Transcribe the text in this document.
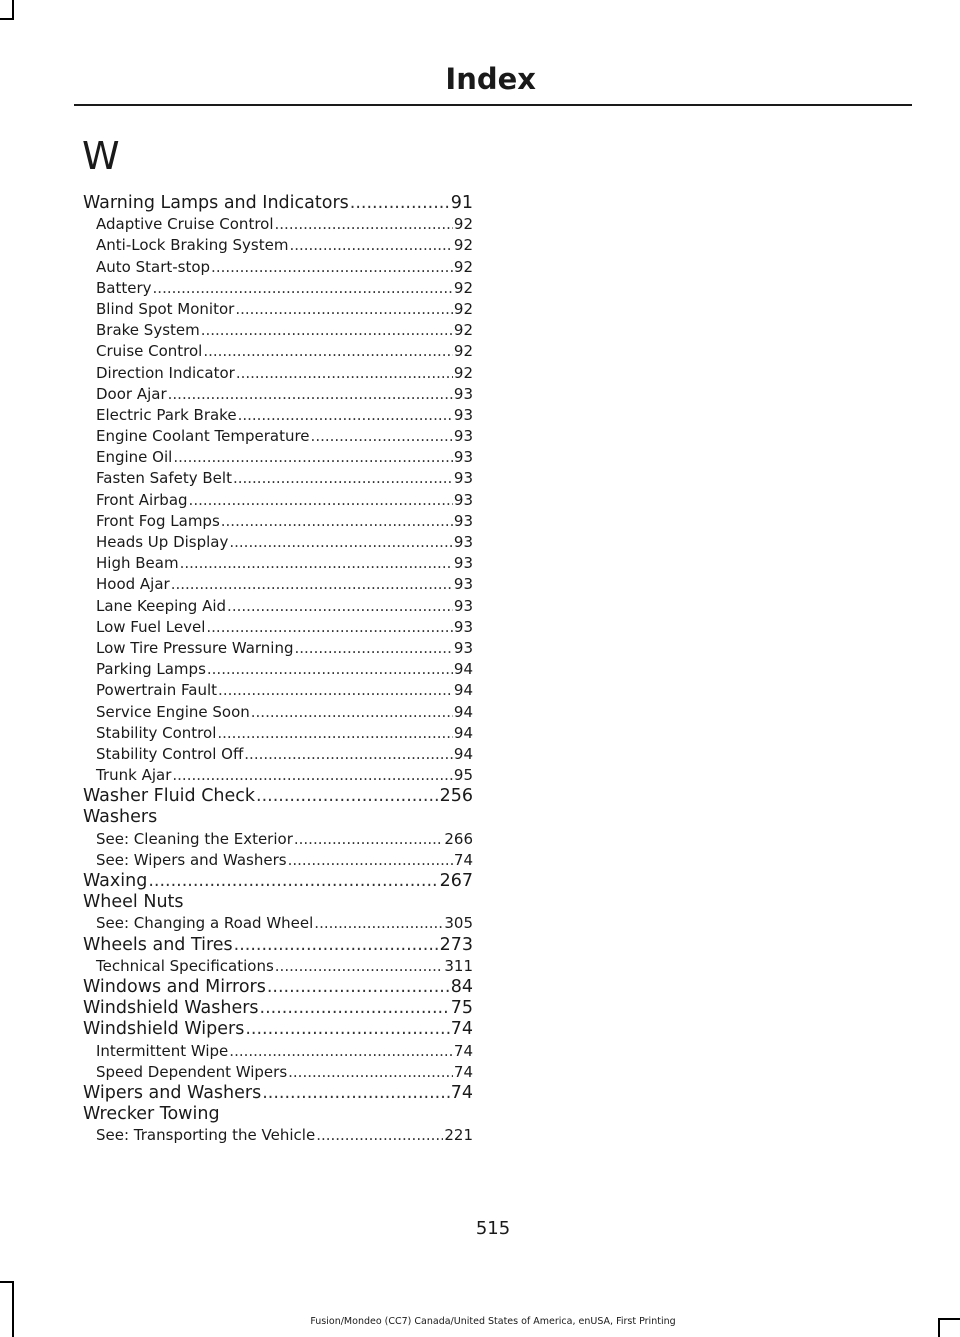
Index
W
Warning Lamps and Indicators .....	91
Adaptive Cruise Control .....	92
Anti-Lock Braking System .....	92
Auto Start-stop .....	92
Battery .....	92
Blind Spot Monitor .....	92
Brake System .....	92
Cruise Control .....	92
Direction Indicator .....	92
Door Ajar .....	93
Electric Park Brake .....	93
Engine Coolant Temperature .....	93
Engine Oil .....	93
Fasten Safety Belt .....	93
Front Airbag .....	93
Front Fog Lamps .....	93
Heads Up Display .....	93
High Beam .....	93
Hood Ajar .....	93
Lane Keeping Aid .....	93
Low Fuel Level .....	93
Low Tire Pressure Warning .....	93
Parking Lamps .....	94
Powertrain Fault .....	94
Service Engine Soon .....	94
Stability Control .....	94
Stability Control Off .....	94
Trunk Ajar .....	95
Washer Fluid Check .....	256
Washers
See: Cleaning the Exterior .....	266
See: Wipers and Washers .....	74
Waxing .....	267
Wheel Nuts
See: Changing a Road Wheel .....	305
Wheels and Tires .....	273
Technical Specifications .....	311
Windows and Mirrors .....	84
Windshield Washers .....	75
Windshield Wipers .....	74
Intermittent Wipe .....	74
Speed Dependent Wipers .....	74
Wipers and Washers .....	74
Wrecker Towing
See: Transporting the Vehicle .....	221
515
Fusion/Mondeo (CC7) Canada/United States of America, enUSA, First Printing
